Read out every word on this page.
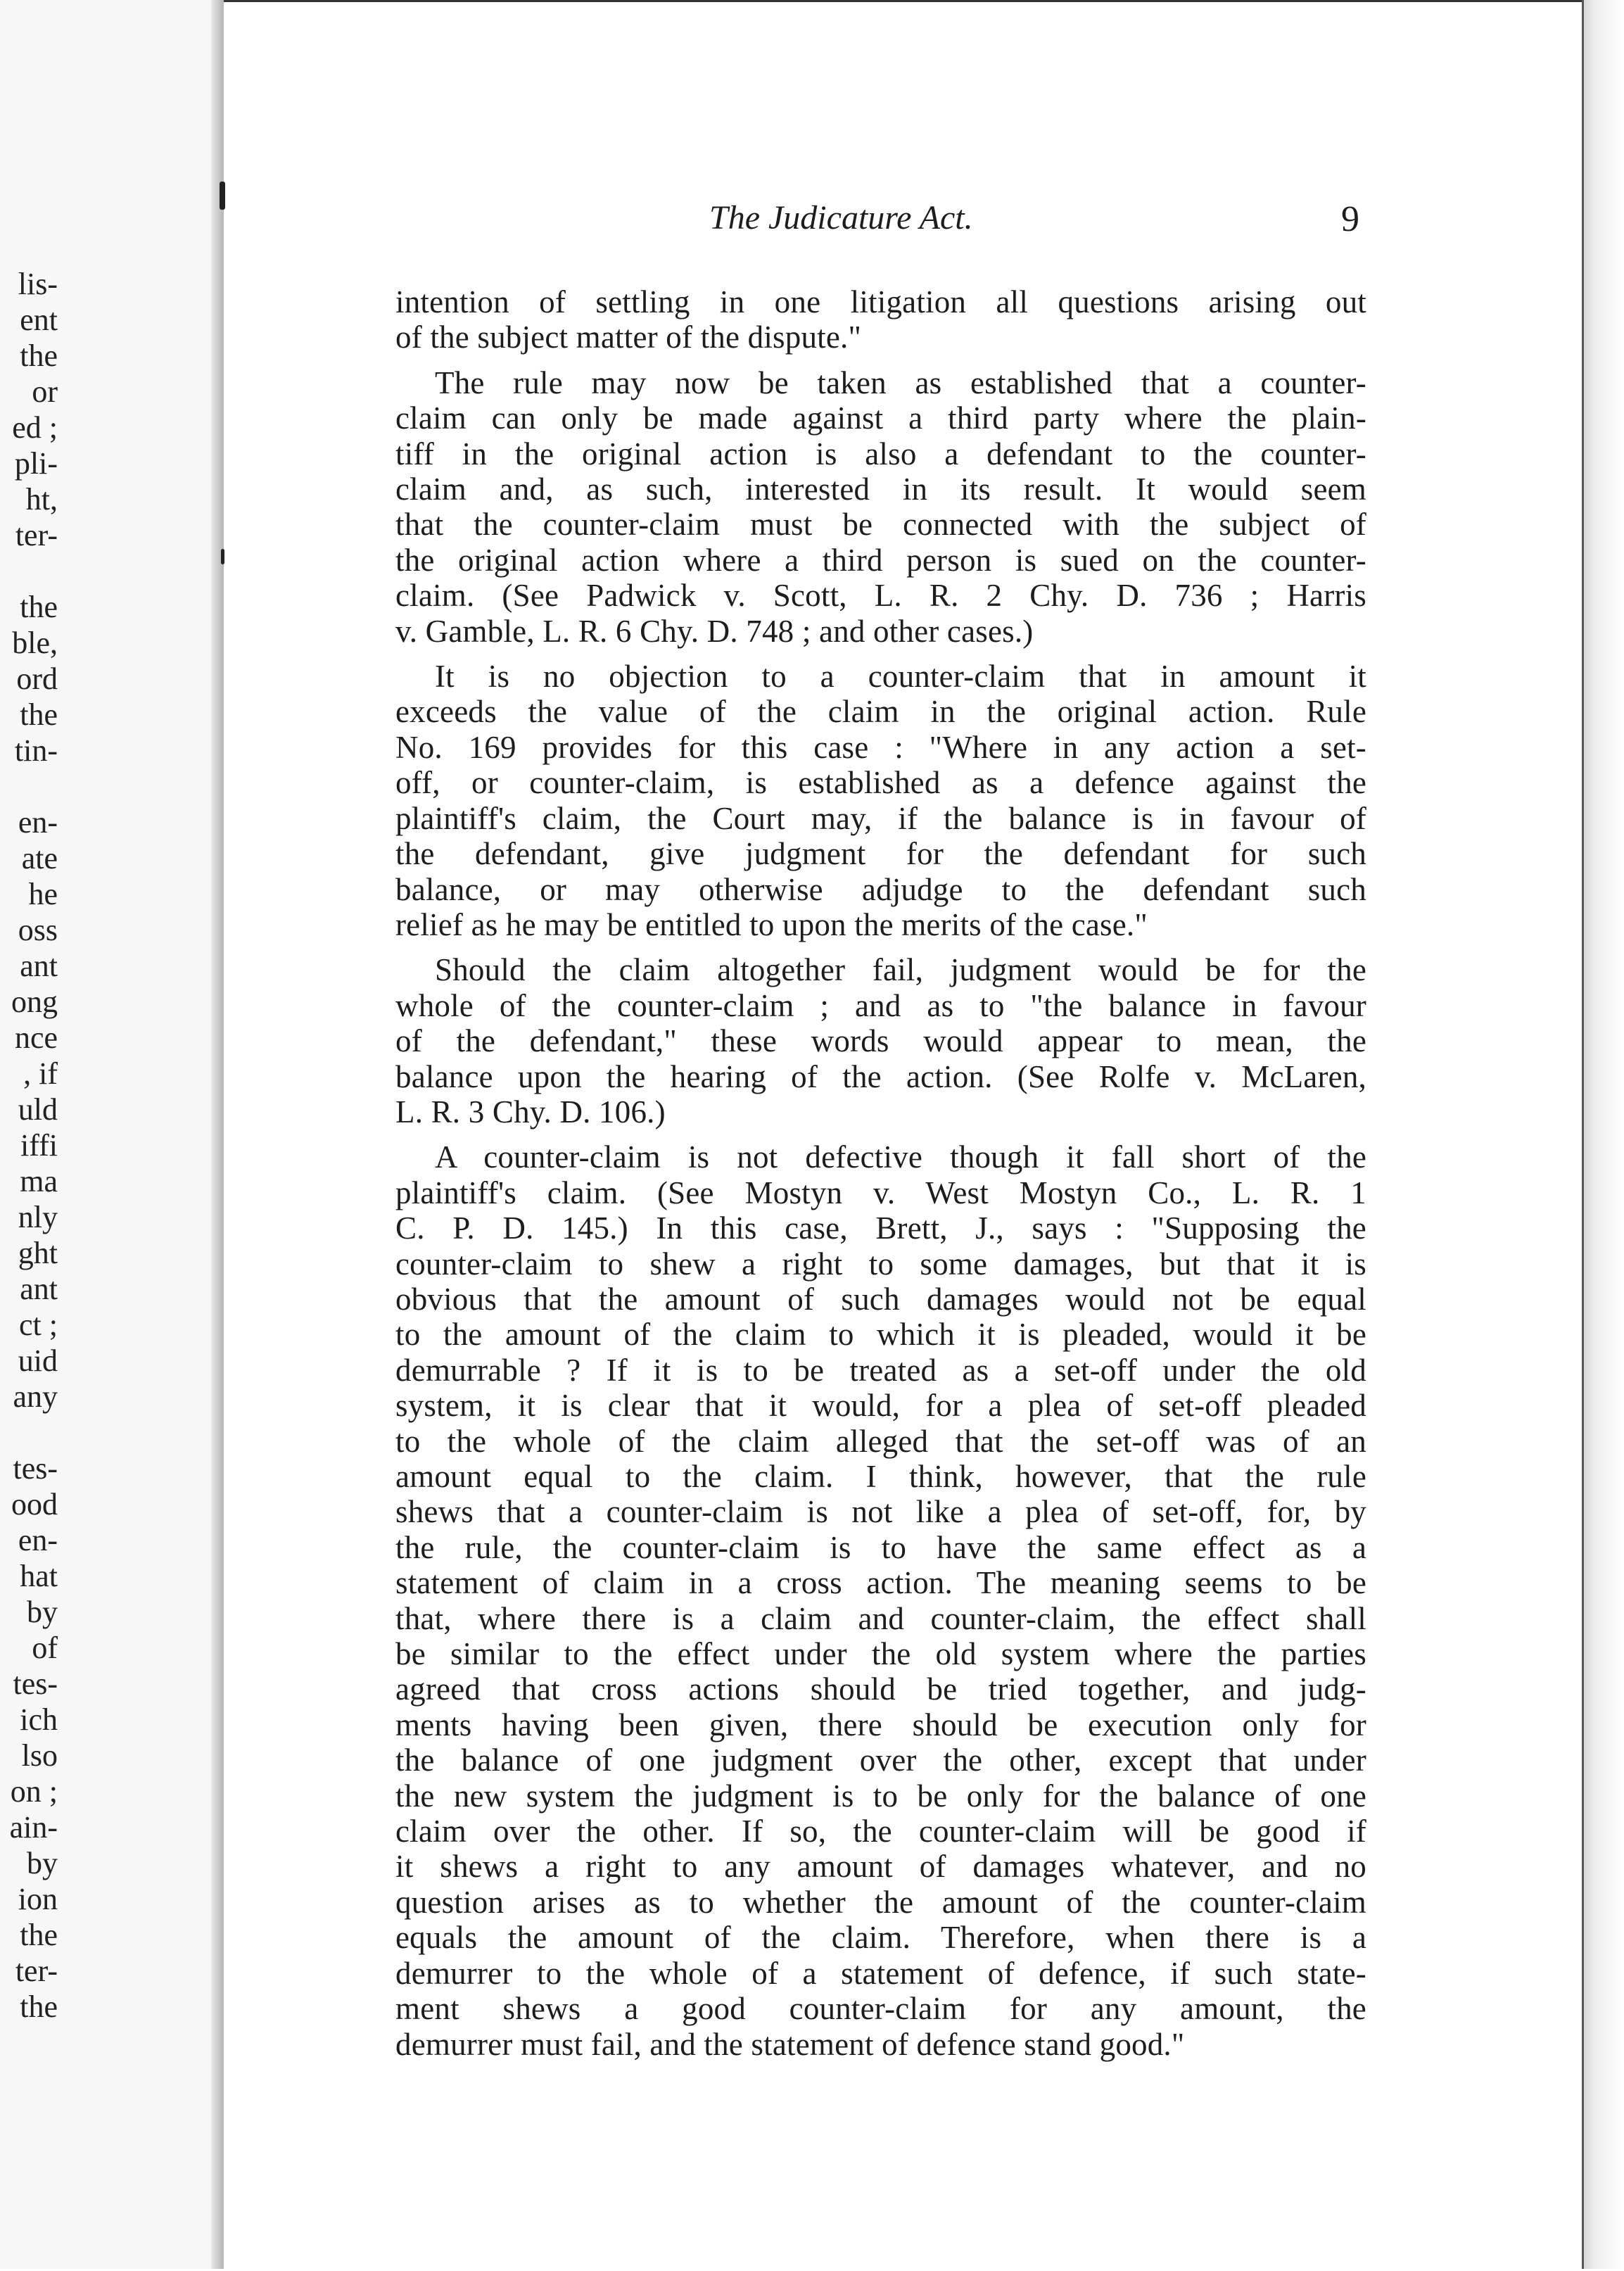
lis-
ent
the
or
ed ;
pli-
ht,
ter-
the
ble,
ord
the
tin-
en-
ate
he
oss
ant
ong
nce
, if
uld
iffi
ma
nly
ght
ant
ct ;
uid
any
tes-
ood
en-
hat
by
of
tes-
ich
lso
on ;
ain-
by
ion
the
ter-
the
The Judicature Act.	9

intention of settling in one litigation all questions arising out
of the subject matter of the dispute."

The rule may now be taken as established that a counter-
claim can only be made against a third party where the plain-
tiff in the original action is also a defendant to the counter-
claim and, as such, interested in its result. It would seem
that the counter-claim must be connected with the subject of
the original action where a third person is sued on the counter-
claim. (See Padwick v. Scott, L. R. 2 Chy. D. 736 ; Harris
v. Gamble, L. R. 6 Chy. D. 748 ; and other cases.)

It is no objection to a counter-claim that in amount it
exceeds the value of the claim in the original action. Rule
No. 169 provides for this case : "Where in any action a set-
off, or counter-claim, is established as a defence against the
plaintiff's claim, the Court may, if the balance is in favour of
the defendant, give judgment for the defendant for such
balance, or may otherwise adjudge to the defendant such
relief as he may be entitled to upon the merits of the case."

Should the claim altogether fail, judgment would be for the
whole of the counter-claim ; and as to "the balance in favour
of the defendant," these words would appear to mean, the
balance upon the hearing of the action. (See Rolfe v. McLaren,
L. R. 3 Chy. D. 106.)

A counter-claim is not defective though it fall short of the
plaintiff's claim. (See Mostyn v. West Mostyn Co., L. R. 1
C. P. D. 145.) In this case, Brett, J., says : "Supposing the
counter-claim to shew a right to some damages, but that it is
obvious that the amount of such damages would not be equal
to the amount of the claim to which it is pleaded, would it be
demurrable ? If it is to be treated as a set-off under the old
system, it is clear that it would, for a plea of set-off pleaded
to the whole of the claim alleged that the set-off was of an
amount equal to the claim. I think, however, that the rule
shews that a counter-claim is not like a plea of set-off, for, by
the rule, the counter-claim is to have the same effect as a
statement of claim in a cross action. The meaning seems to be
that, where there is a claim and counter-claim, the effect shall
be similar to the effect under the old system where the parties
agreed that cross actions should be tried together, and judg-
ments having been given, there should be execution only for
the balance of one judgment over the other, except that under
the new system the judgment is to be only for the balance of one
claim over the other. If so, the counter-claim will be good if
it shews a right to any amount of damages whatever, and no
question arises as to whether the amount of the counter-claim
equals the amount of the claim. Therefore, when there is a
demurrer to the whole of a statement of defence, if such state-
ment shews a good counter-claim for any amount, the
demurrer must fail, and the statement of defence stand good."
